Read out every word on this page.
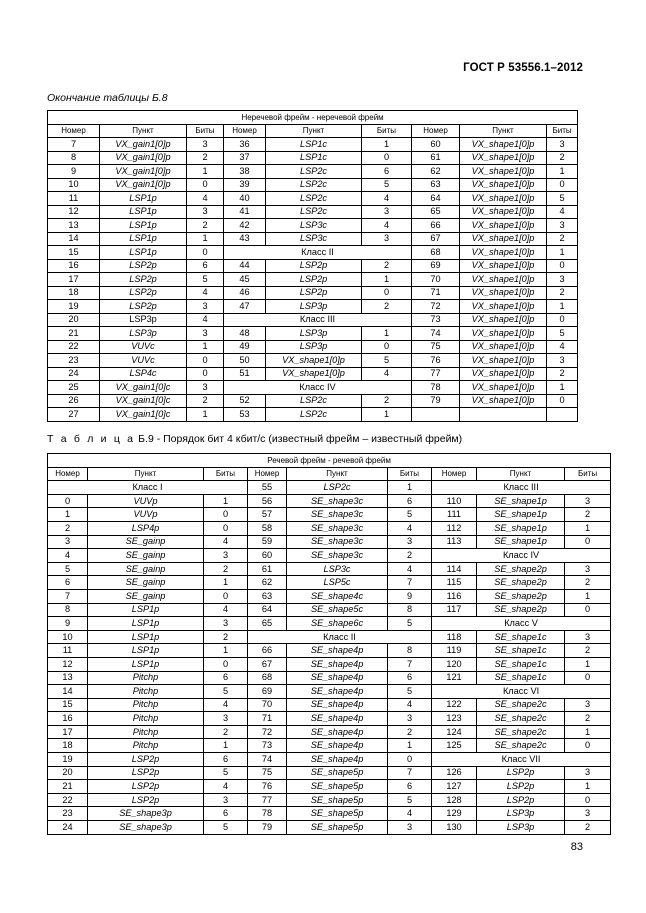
ГОСТ Р 53556.1–2012
Окончание таблицы Б.8
Неречевой фрейм - неречевой фрейм								
Номер	Пункт	Биты	Номер	Пункт	Биты	Номер	Пункт	Биты
7	VX_gain1[0]p	3	36	LSP1c	1	60	VX_shape1[0]p	3
8	VX_gain1[0]p	2	37	LSP1c	0	61	VX_shape1[0]p	2
9	VX_gain1[0]p	1	38	LSP2c	6	62	VX_shape1[0]p	1
10	VX_gain1[0]p	0	39	LSP2c	5	63	VX_shape1[0]p	0
11	LSP1p	4	40	LSP2c	4	64	VX_shape1[0]p	5
12	LSP1p	3	41	LSP2c	3	65	VX_shape1[0]p	4
13	LSP1p	2	42	LSP3c	4	66	VX_shape1[0]p	3
14	LSP1p	1	43	LSP3c	3	67	VX_shape1[0]p	2
15	LSP1p	0	Класс II			68	VX_shape1[0]p	1
16	LSP2p	6	44	LSP2p	2	69	VX_shape1[0]p	0
17	LSP2p	5	45	LSP2p	1	70	VX_shape1[0]p	3
18	LSP2p	4	46	LSP2p	0	71	VX_shape1[0]p	2
19	LSP2p	3	47	LSP3p	2	72	VX_shape1[0]p	1
20	LSP3p	4	Класс III			73	VX_shape1[0]p	0
21	LSP3p	3	48	LSP3p	1	74	VX_shape1[0]p	5
22	VUVc	1	49	LSP3p	0	75	VX_shape1[0]p	4
23	VUVc	0	50	VX_shape1[0]p	5	76	VX_shape1[0]p	3
24	LSP4c	0	51	VX_shape1[0]p	4	77	VX_shape1[0]p	2
25	VX_gain1[0]c	3	Класс IV			78	VX_shape1[0]p	1
26	VX_gain1[0]c	2	52	LSP2c	2	79	VX_shape1[0]p	0
27	VX_gain1[0]c	1	53	LSP2c	1			
Т а б л и ц а Б.9 - Порядок бит 4 кбит/с (известный фрейм – известный фрейм)
Речевой фрейм - речевой фрейм								
Номер	Пункт	Биты	Номер	Пункт	Биты	Номер	Пункт	Биты
Класс I			55	LSP2c	1	Класс III		
0	VUVp	1	56	SE_shape3c	6	110	SE_shape1p	3
1	VUVp	0	57	SE_shape3c	5	111	SE_shape1p	2
2	LSP4p	0	58	SE_shape3c	4	112	SE_shape1p	1
3	SE_gainp	4	59	SE_shape3c	3	113	SE_shape1p	0
4	SE_gainp	3	60	SE_shape3c	2	Класс IV		
5	SE_gainp	2	61	LSP3c	4	114	SE_shape2p	3
6	SE_gainp	1	62	LSP5c	7	115	SE_shape2p	2
7	SE_gainp	0	63	SE_shape4c	9	116	SE_shape2p	1
8	LSP1p	4	64	SE_shape5c	8	117	SE_shape2p	0
9	LSP1p	3	65	SE_shape6c	5	Класс V		
10	LSP1p	2	Класс II			118	SE_shape1c	3
11	LSP1p	1	66	SE_shape4p	8	119	SE_shape1c	2
12	LSP1p	0	67	SE_shape4p	7	120	SE_shape1c	1
13	Pitchp	6	68	SE_shape4p	6	121	SE_shape1c	0
14	Pitchp	5	69	SE_shape4p	5	Класс VI		
15	Pitchp	4	70	SE_shape4p	4	122	SE_shape2c	3
16	Pitchp	3	71	SE_shape4p	3	123	SE_shape2c	2
17	Pitchp	2	72	SE_shape4p	2	124	SE_shape2c	1
18	Pitchp	1	73	SE_shape4p	1	125	SE_shape2c	0
19	LSP2p	6	74	SE_shape4p	0	Класс VII		
20	LSP2p	5	75	SE_shape5p	7	126	LSP2p	3
21	LSP2p	4	76	SE_shape5p	6	127	LSP2p	1
22	LSP2p	3	77	SE_shape5p	5	128	LSP2p	0
23	SE_shape3p	6	78	SE_shape5p	4	129	LSP3p	3
24	SE_shape3p	5	79	SE_shape5p	3	130	LSP3p	2
83
